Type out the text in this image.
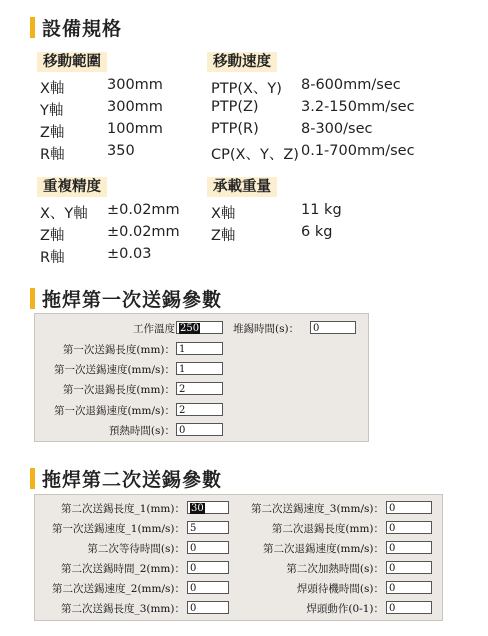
設備規格
移動範圍	移動速度
X軸	300mm
Y軸	300mm
Z軸	100mm
R軸	350
PTP(X、Y) 8-600mm/sec
PTP(Z)	3.2-150mm/sec
PTP(R)	8-300/sec
CP(X、Y、Z) 0.1-700mm/sec
重複精度	承載重量
X、Y軸 ±0.02mm
Z軸	±0.02mm
R軸	±0.03
X軸	11 kg
Z軸	6 kg
拖焊第一次送錫參數
工作溫度 250	堆錫時間(s)：	0
第一次送錫長度(mm)： 1
第一次送錫速度(mm/s)： 1
第一次退錫長度(mm)： 2
第一次退錫速度(mm/s)： 2
預熱時間(s)： 0
拖焊第二次送錫參數
第二次送錫長度_1(mm)： 30
第一次送錫速度_1(mm/s)： 5
第二次等待時間(s)： 0
第二次送錫時間_2(mm)： 0
第二次送錫速度_2(mm/s)： 0
第二次送錫長度_3(mm)： 0
第二次送錫速度_3(mm/s)： 0
第二次退錫長度(mm)： 0
第二次退錫速度(mm/s)： 0
第二次加熱時間(s)： 0
焊頭待機時間(s)： 0
焊頭動作(0-1)： 0
